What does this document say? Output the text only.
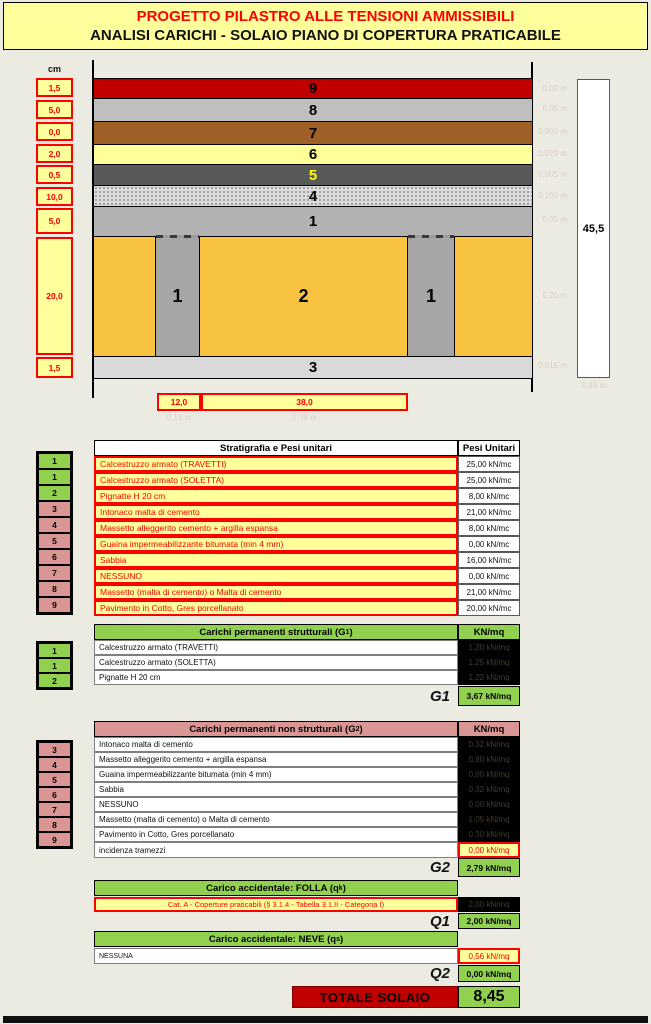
PROGETTO PILASTRO ALLE TENSIONI AMMISSIBILI
ANALISI CARICHI - SOLAIO PIANO DI COPERTURA PRATICABILE
cm
1,5
5,0
0,0
2,0
0,5
10,0
5,0
20,0
1,5
9
8
7
6
5
4
1
1	2	1
3
0,02 m
0,05 m
0,000 m
0,020 m
0,005 m
0,100 m
0,05 m
0,20 m
0,015 m
45,5
0,46 m
12,0	38,0
0,12 m	0,38 m
1
1
2
3
4
5
6
7
8
9
Stratigrafia e Pesi unitari	Pesi Unitari
Calcestruzzo armato (TRAVETTI)	25,00 kN/mc
Calcestruzzo armato (SOLETTA)	25,00 kN/mc
Pignatte H 20 cm	8,00 kN/mc
Intonaco malta di cemento	21,00 kN/mc
Massetto alleggerito cemento + argilla espansa	8,00 kN/mc
Guaina impermeabilizzante bitumata (min 4 mm)	0,00 kN/mc
Sabbia	16,00 kN/mc
NESSUNO	0,00 kN/mc
Massetto (malta di cemento) o Malta di cemento	21,00 kN/mc
Pavimento in Cotto, Gres porcellanato	20,00 kN/mc
1
1
2
Carichi permanenti strutturali (G 1 )	KN/mq
Calcestruzzo armato (TRAVETTI)	1,20 kN/mq
Calcestruzzo armato (SOLETTA)	1,25 kN/mq
Pignatte H 20 cm	1,22 kN/mq
G1	3,67 kN/mq
3
4
5
6
7
8
9
Carichi permanenti non strutturali (G 2 )	KN/mq
Intonaco malta di cemento	0,32 kN/mq
Massetto alleggerito cemento + argilla espansa	0,80 kN/mq
Guaina impermeabilizzante bitumata (min 4 mm)	0,00 kN/mq
Sabbia	0,32 kN/mq
NESSUNO	0,00 kN/mq
Massetto (malta di cemento) o Malta di cemento	1,05 kN/mq
Pavimento in Cotto, Gres porcellanato	0,30 kN/mq
incidenza tramezzi	0,00 kN/mq
G2	2,79 kN/mq
Carico accidentale: FOLLA (q k )
Cat. A - Coperture praticabili (§ 3.1.4 - Tabella 3.1.II - Categoria I)	2,00 kN/mq
Q1	2,00 kN/mq
Carico accidentale: NEVE (q s )
NESSUNA	0,56 kN/mq
Q2	0,00 kN/mq
TOTALE SOLAIO	8,45
